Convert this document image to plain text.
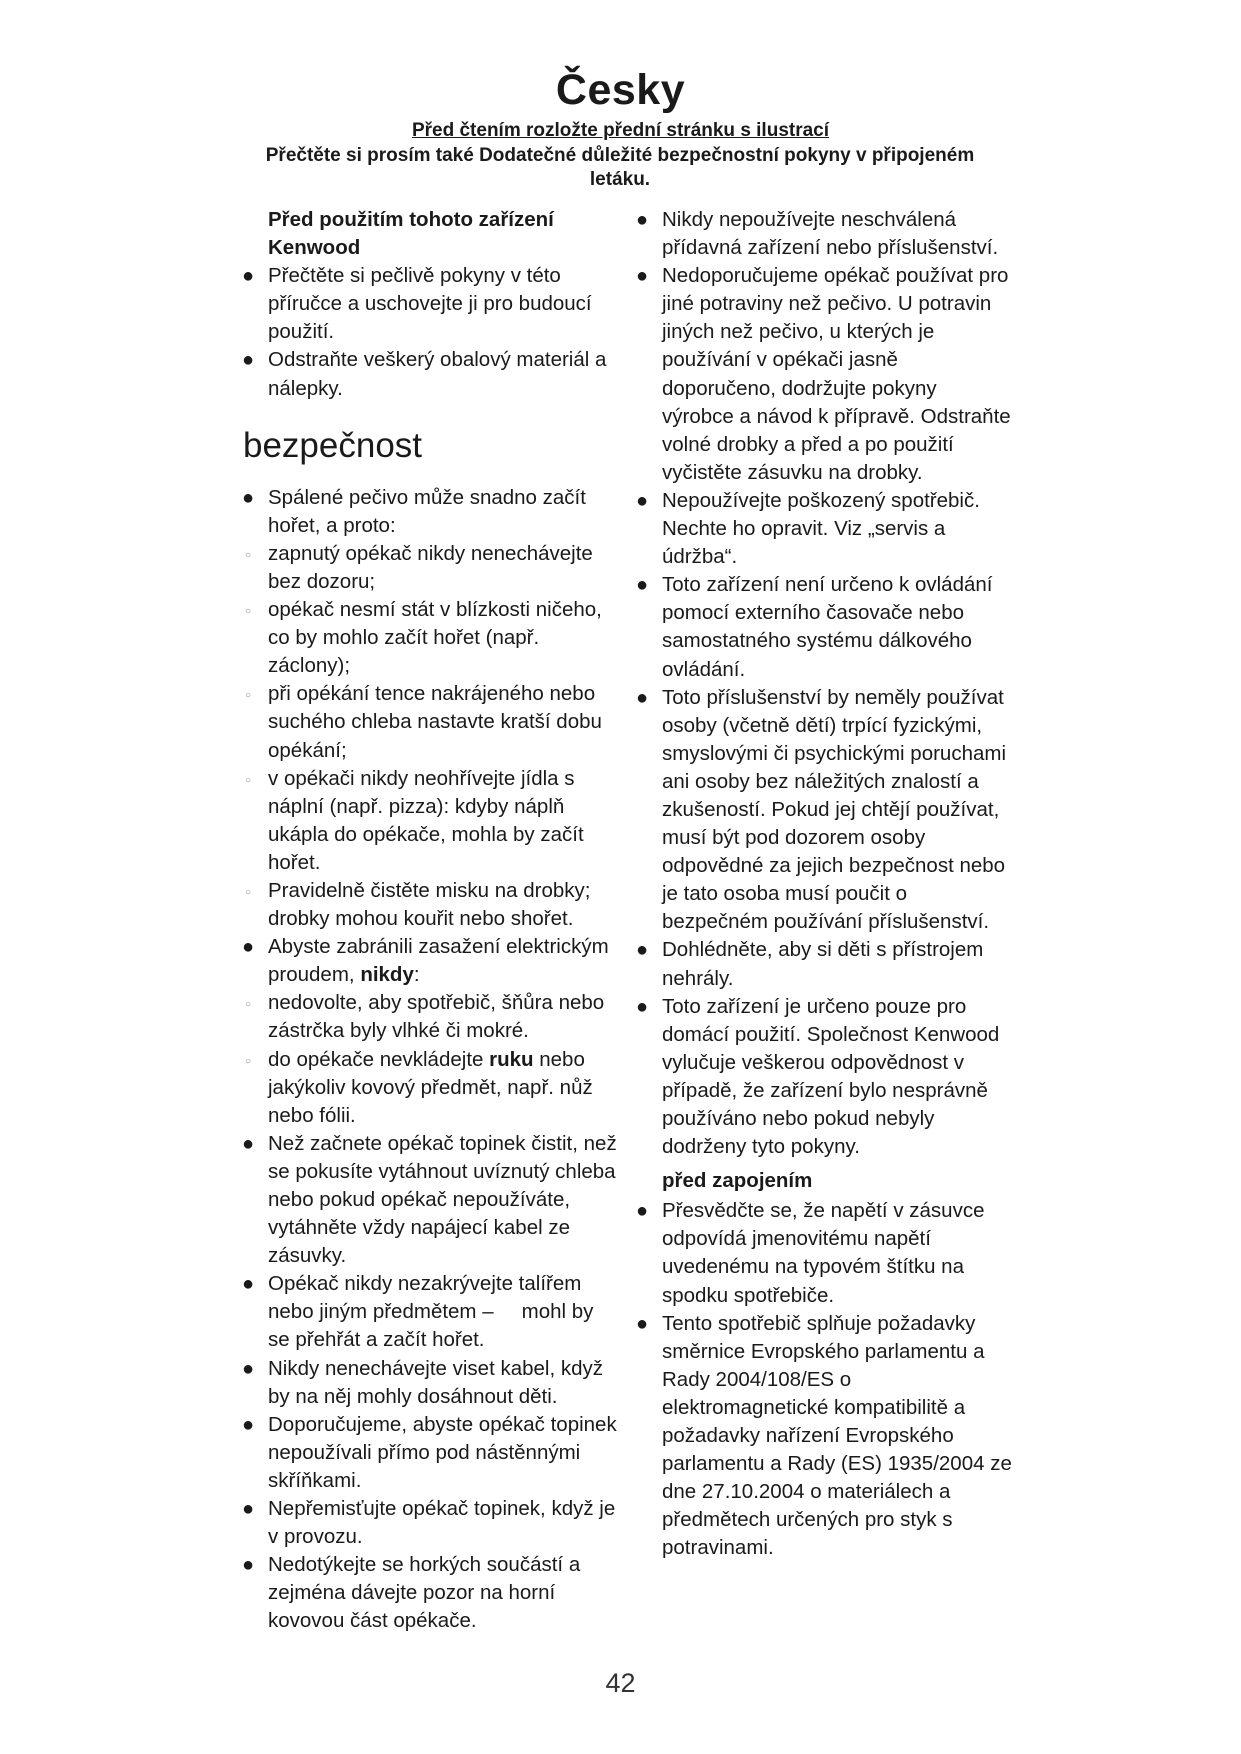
Česky
Před čtením rozložte přední stránku s ilustrací
Přečtěte si prosím také Dodatečné důležité bezpečnostní pokyny v připojeném
letáku.

Před použitím tohoto zařízení Kenwood

● Přečtěte si pečlivě pokyny v této příručce a uschovejte ji pro budoucí použití.

● Odstraňte veškerý obalový materiál a nálepky.

bezpečnost

● Spálené pečivo může snadno začít hořet, a proto:

○ zapnutý opékač nikdy nenechávejte bez dozoru;

○ opékač nesmí stát v blízkosti ničeho, co by mohlo začít hořet (např. záclony);

○ při opékání tence nakrájeného nebo suchého chleba nastavte kratší dobu opékání;

○ v opékači nikdy neohřívejte jídla s náplní (např. pizza): kdyby náplň ukápla do opékače, mohla by začít hořet.

○ Pravidelně čistěte misku na drobky; drobky mohou kouřit nebo shořet.

● Abyste zabránili zasažení elektrickým proudem, nikdy:

○ nedovolte, aby spotřebič, šňůra nebo zástrčka byly vlhké či mokré.

○ do opékače nevkládejte ruku nebo jakýkoliv kovový předmět, např. nůž nebo fólii.

● Než začnete opékač topinek čistit, než se pokusíte vytáhnout uvíznutý chleba nebo pokud opékač nepoužíváte, vytáhněte vždy napájecí kabel ze zásuvky.

● Opékač nikdy nezakrývejte talířem nebo jiným předmětem – mohl by se přehřát a začít hořet.

● Nikdy nenechávejte viset kabel, když by na něj mohly dosáhnout děti.

● Doporučujeme, abyste opékač topinek nepoužívali přímo pod nástěnnými skříňkami.

● Nepřemisťujte opékač topinek, když je v provozu.

● Nedotýkejte se horkých součástí a zejména dávejte pozor na horní kovovou část opékače.

● Nikdy nepoužívejte neschválená přídavná zařízení nebo příslušenství.

● Nedoporučujeme opékač používat pro jiné potraviny než pečivo. U potravin jiných než pečivo, u kterých je používání v opékači jasně doporučeno, dodržujte pokyny výrobce a návod k přípravě. Odstraňte volné drobky a před a po použití vyčistěte zásuvku na drobky.

● Nepoužívejte poškozený spotřebič. Nechte ho opravit. Viz „servis a údržba“.

● Toto zařízení není určeno k ovládání pomocí externího časovače nebo samostatného systému dálkového ovládání.

● Toto příslušenství by neměly používat osoby (včetně dětí) trpící fyzickými, smyslovými či psychickými poruchami ani osoby bez náležitých znalostí a zkušeností. Pokud jej chtějí používat, musí být pod dozorem osoby odpovědné za jejich bezpečnost nebo je tato osoba musí poučit o bezpečném používání příslušenství.

● Dohlédněte, aby si děti s přístrojem nehrály.

● Toto zařízení je určeno pouze pro domácí použití. Společnost Kenwood vylučuje veškerou odpovědnost v případě, že zařízení bylo nesprávně používáno nebo pokud nebyly dodrženy tyto pokyny.

před zapojením

● Přesvědčte se, že napětí v zásuvce odpovídá jmenovitému napětí uvedenému na typovém štítku na spodku spotřebiče.

● Tento spotřebič splňuje požadavky směrnice Evropského parlamentu a Rady 2004/108/ES o elektromagnetické kompatibilitě a požadavky nařízení Evropského parlamentu a Rady (ES) 1935/2004 ze dne 27.10.2004 o materiálech a předmětech určených pro styk s potravinami.

42
